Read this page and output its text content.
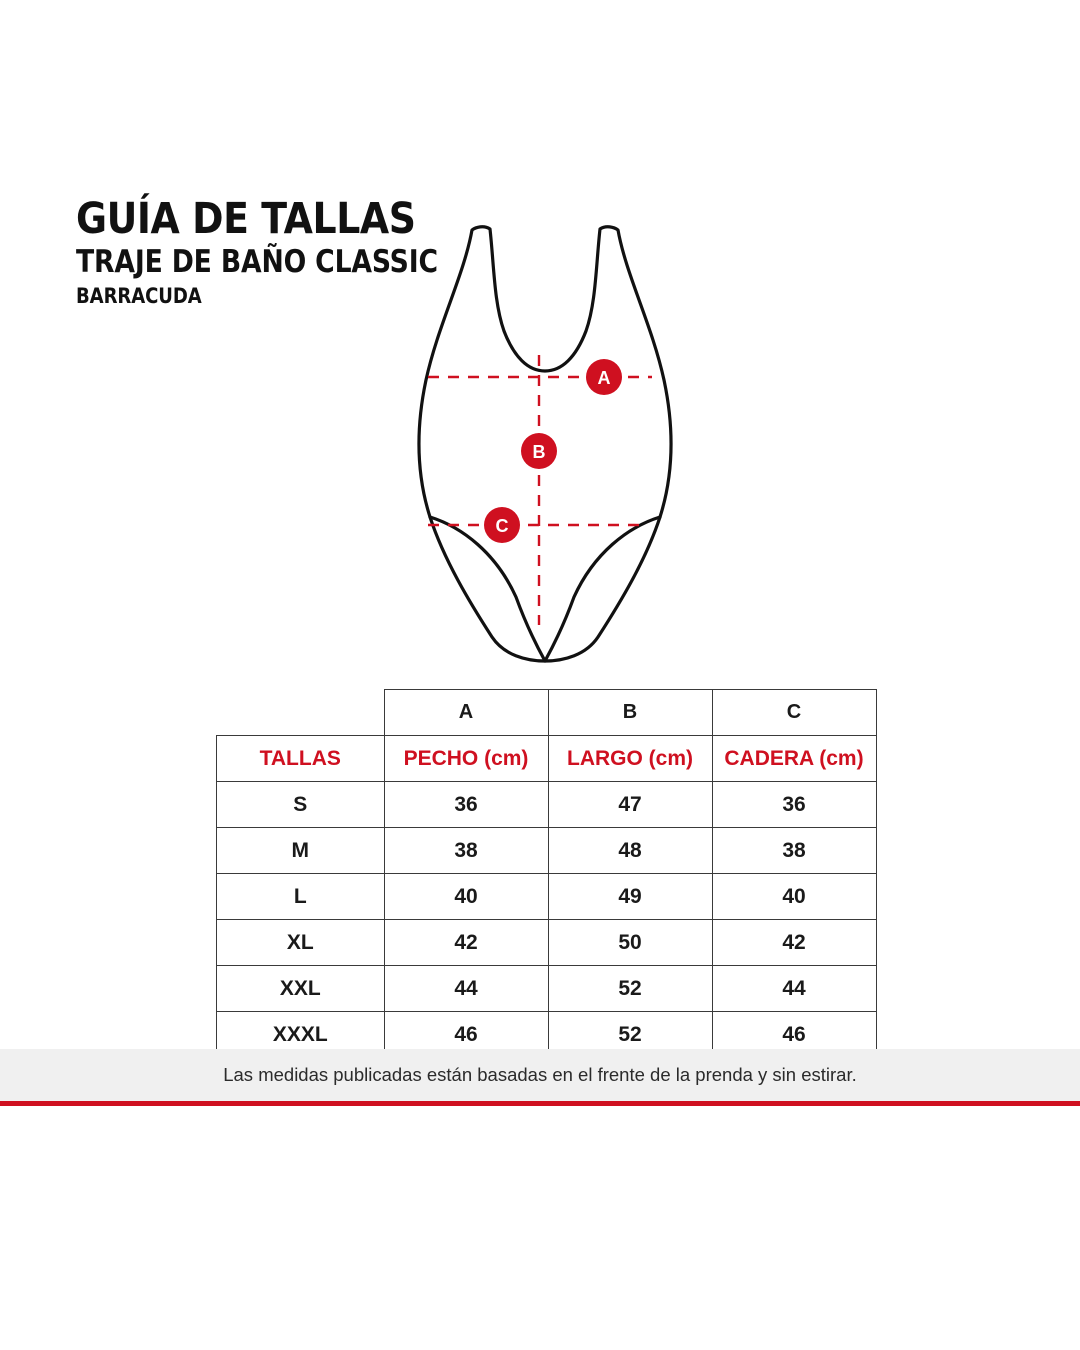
GUÍA DE TALLAS
TRAJE DE BAÑO CLASSIC
BARRACUDA
A
B
C
	A	B	C
TALLAS	PECHO (cm)	LARGO (cm)	CADERA (cm)
S	36	47	36
M	38	48	38
L	40	49	40
XL	42	50	42
XXL	44	52	44
XXXL	46	52	46
Las medidas publicadas están basadas en el frente de la prenda y sin estirar.
